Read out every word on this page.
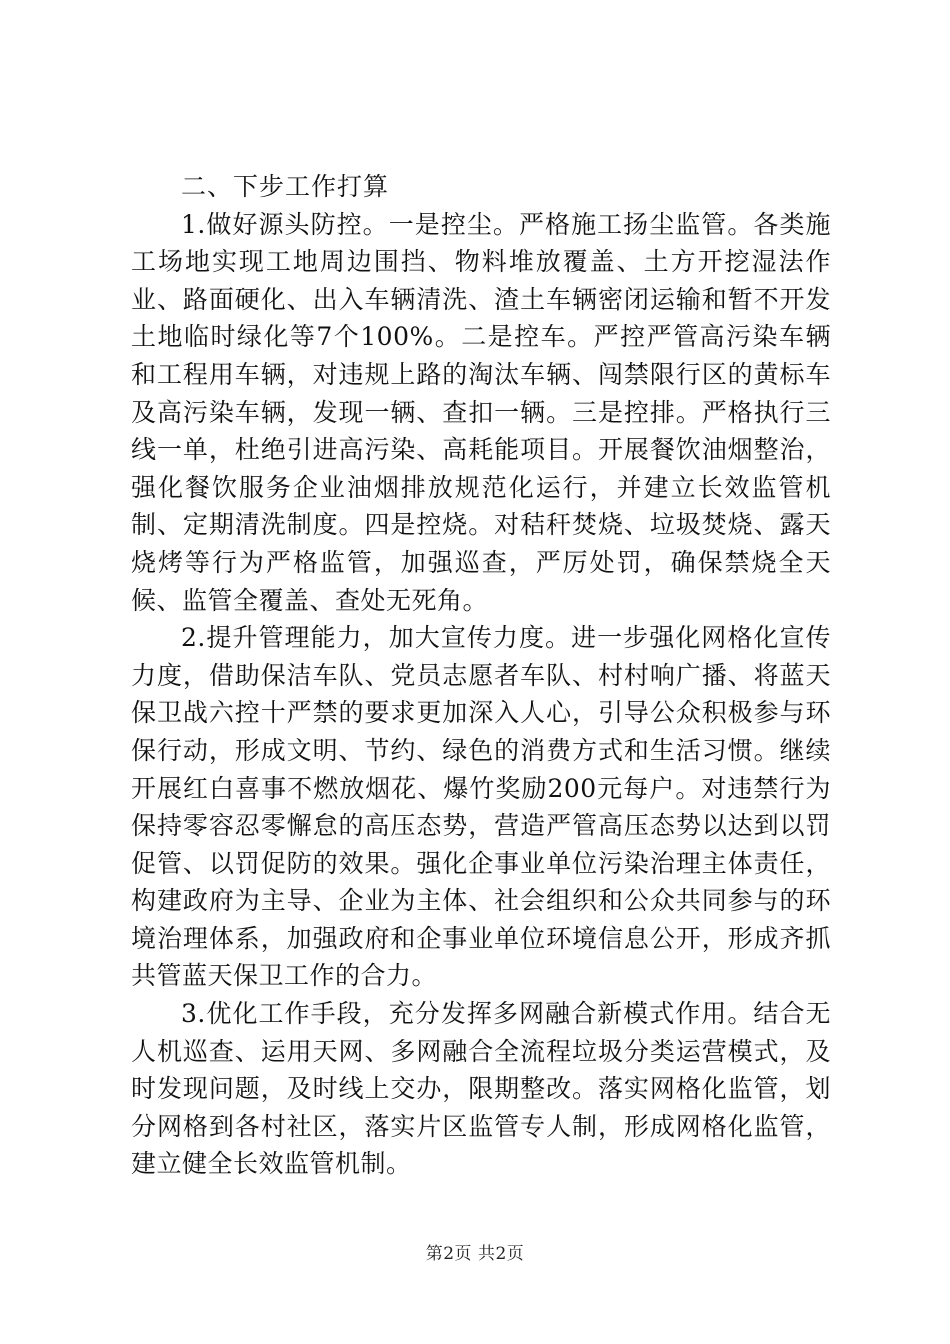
二、下步工作打算

1.做好源头防控。一是控尘。严格施工扬尘监管。各类施工场地实现工地周边围挡、物料堆放覆盖、土方开挖湿法作业、路面硬化、出入车辆清洗、渣土车辆密闭运输和暂不开发土地临时绿化等7个100%。二是控车。严控严管高污染车辆和工程用车辆，对违规上路的淘汰车辆、闯禁限行区的黄标车及高污染车辆，发现一辆、查扣一辆。三是控排。严格执行三线一单，杜绝引进高污染、高耗能项目。开展餐饮油烟整治，强化餐饮服务企业油烟排放规范化运行，并建立长效监管机制、定期清洗制度。四是控烧。对秸秆焚烧、垃圾焚烧、露天烧烤等行为严格监管，加强巡查，严厉处罚，确保禁烧全天候、监管全覆盖、查处无死角。

2.提升管理能力，加大宣传力度。进一步强化网格化宣传力度，借助保洁车队、党员志愿者车队、村村响广播、将蓝天保卫战六控十严禁的要求更加深入人心，引导公众积极参与环保行动，形成文明、节约、绿色的消费方式和生活习惯。继续开展红白喜事不燃放烟花、爆竹奖励200元每户。对违禁行为保持零容忍零懈怠的高压态势，营造严管高压态势以达到以罚促管、以罚促防的效果。强化企事业单位污染治理主体责任，构建政府为主导、企业为主体、社会组织和公众共同参与的环境治理体系，加强政府和企事业单位环境信息公开，形成齐抓共管蓝天保卫工作的合力。

3.优化工作手段，充分发挥多网融合新模式作用。结合无人机巡查、运用天网、多网融合全流程垃圾分类运营模式，及时发现问题，及时线上交办，限期整改。落实网格化监管，划分网格到各村社区，落实片区监管专人制，形成网格化监管，建立健全长效监管机制。

第2页 共2页
